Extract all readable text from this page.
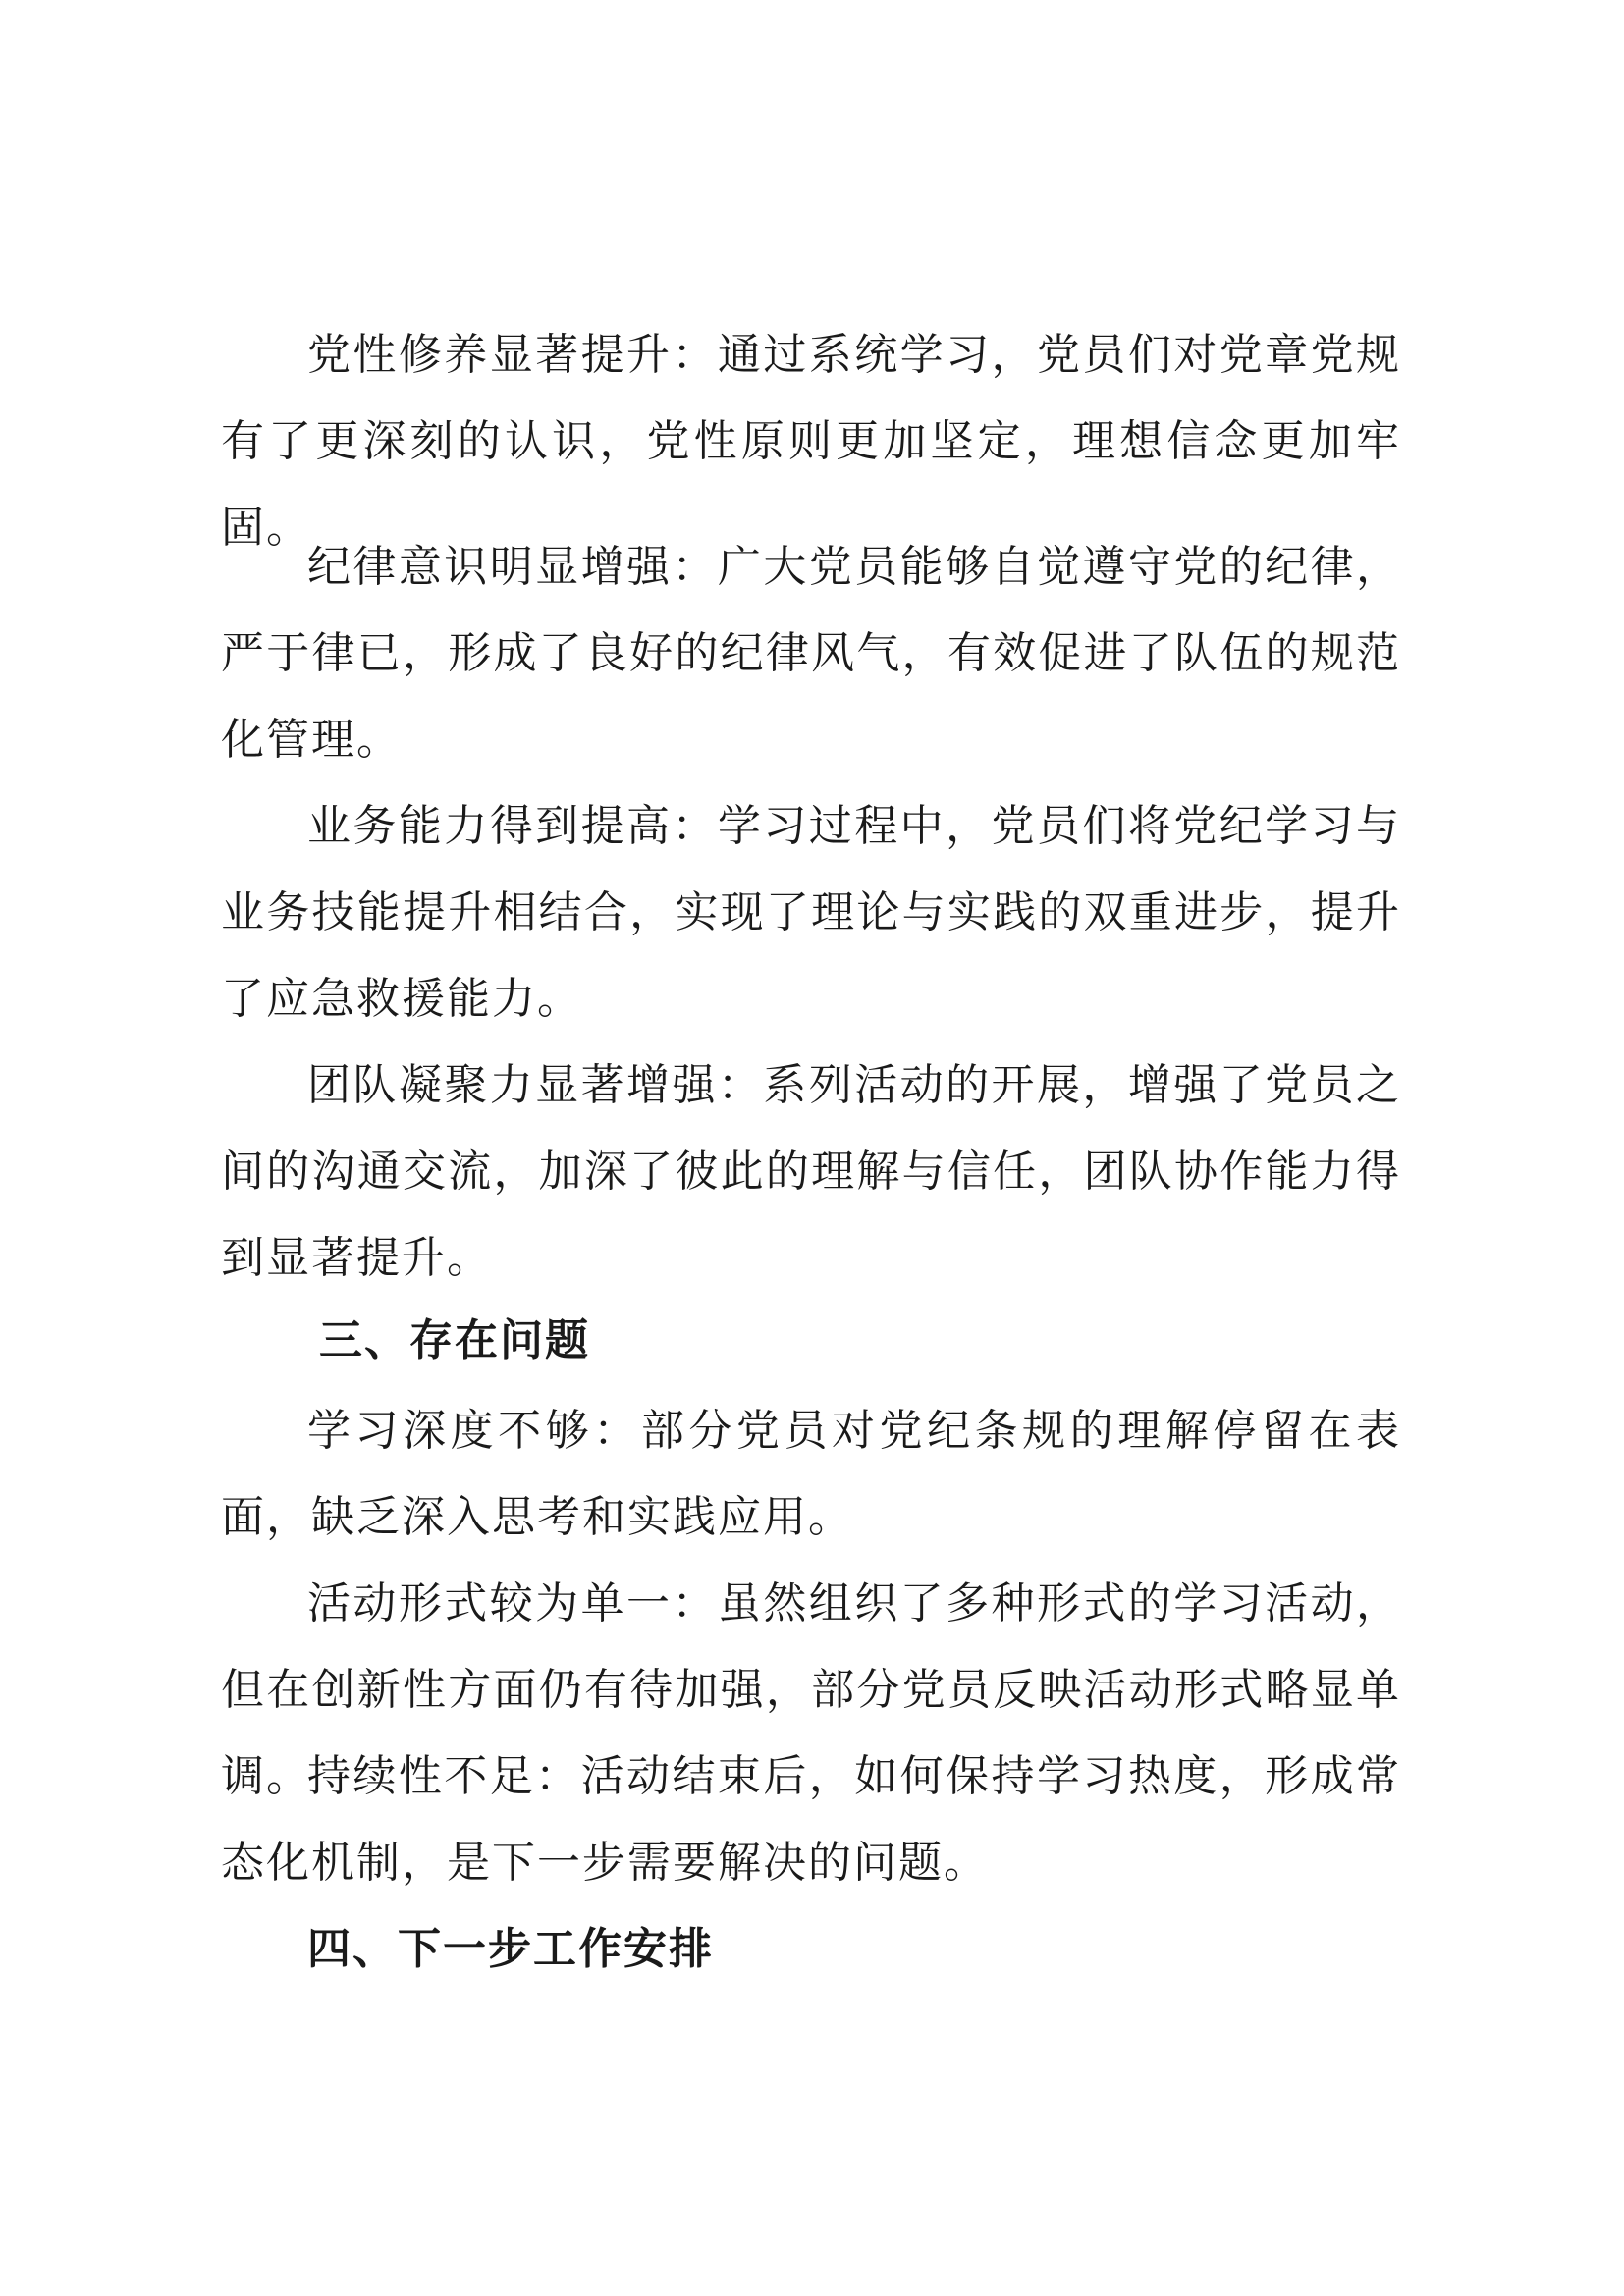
党性修养显著提升：通过系统学习，党员们对党章党规有了更深刻的认识，党性原则更加坚定，理想信念更加牢固。

纪律意识明显增强：广大党员能够自觉遵守党的纪律，严于律已，形成了良好的纪律风气，有效促进了队伍的规范化管理。

业务能力得到提高：学习过程中，党员们将党纪学习与业务技能提升相结合，实现了理论与实践的双重进步，提升了应急救援能力。

团队凝聚力显著增强：系列活动的开展，增强了党员之间的沟通交流，加深了彼此的理解与信任，团队协作能力得到显著提升。

三、存在问题

学习深度不够：部分党员对党纪条规的理解停留在表面，缺乏深入思考和实践应用。

活动形式较为单一：虽然组织了多种形式的学习活动，但在创新性方面仍有待加强，部分党员反映活动形式略显单调。

持续性不足：活动结束后，如何保持学习热度，形成常态化机制，是下一步需要解决的问题。

四、下一步工作安排
